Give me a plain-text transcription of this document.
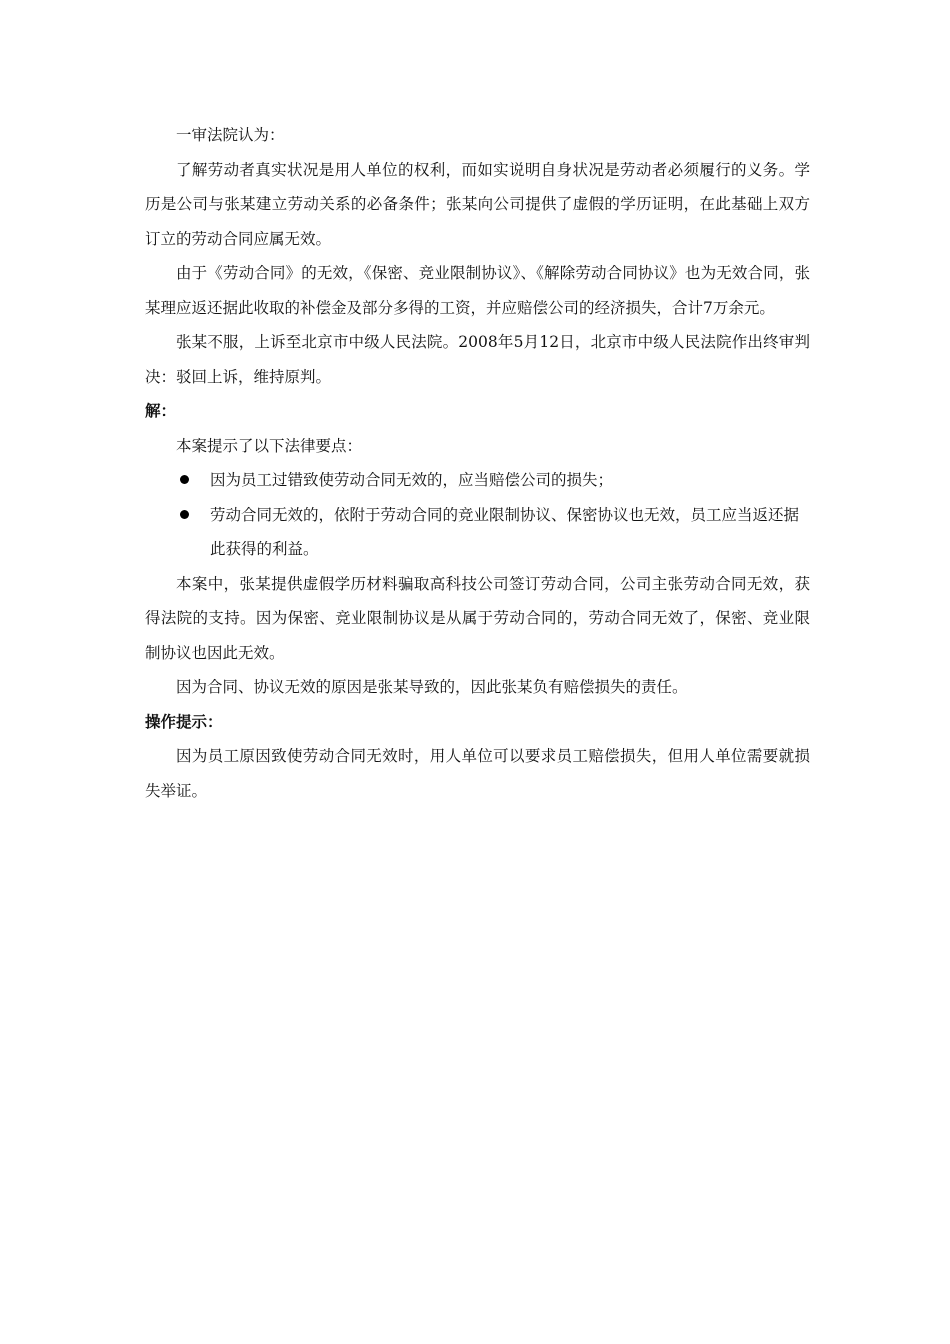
一审法院认为：

了解劳动者真实状况是用人单位的权利，而如实说明自身状况是劳动者必须履行的义务。学历是公司与张某建立劳动关系的必备条件；张某向公司提供了虚假的学历证明，在此基础上双方订立的劳动合同应属无效。

由于《劳动合同》的无效，《保密、竞业限制协议》、《解除劳动合同协议》也为无效合同，张某理应返还据此收取的补偿金及部分多得的工资，并应赔偿公司的经济损失，合计7万余元。

张某不服，上诉至北京市中级人民法院。2008年5月12日，北京市中级人民法院作出终审判决：驳回上诉，维持原判。

解：

本案提示了以下法律要点：

因为员工过错致使劳动合同无效的，应当赔偿公司的损失；
劳动合同无效的，依附于劳动合同的竞业限制协议、保密协议也无效，员工应当返还据此获得的利益。

本案中，张某提供虚假学历材料骗取高科技公司签订劳动合同，公司主张劳动合同无效，获得法院的支持。因为保密、竞业限制协议是从属于劳动合同的，劳动合同无效了，保密、竞业限制协议也因此无效。

因为合同、协议无效的原因是张某导致的，因此张某负有赔偿损失的责任。

操作提示：

因为员工原因致使劳动合同无效时，用人单位可以要求员工赔偿损失，但用人单位需要就损失举证。
